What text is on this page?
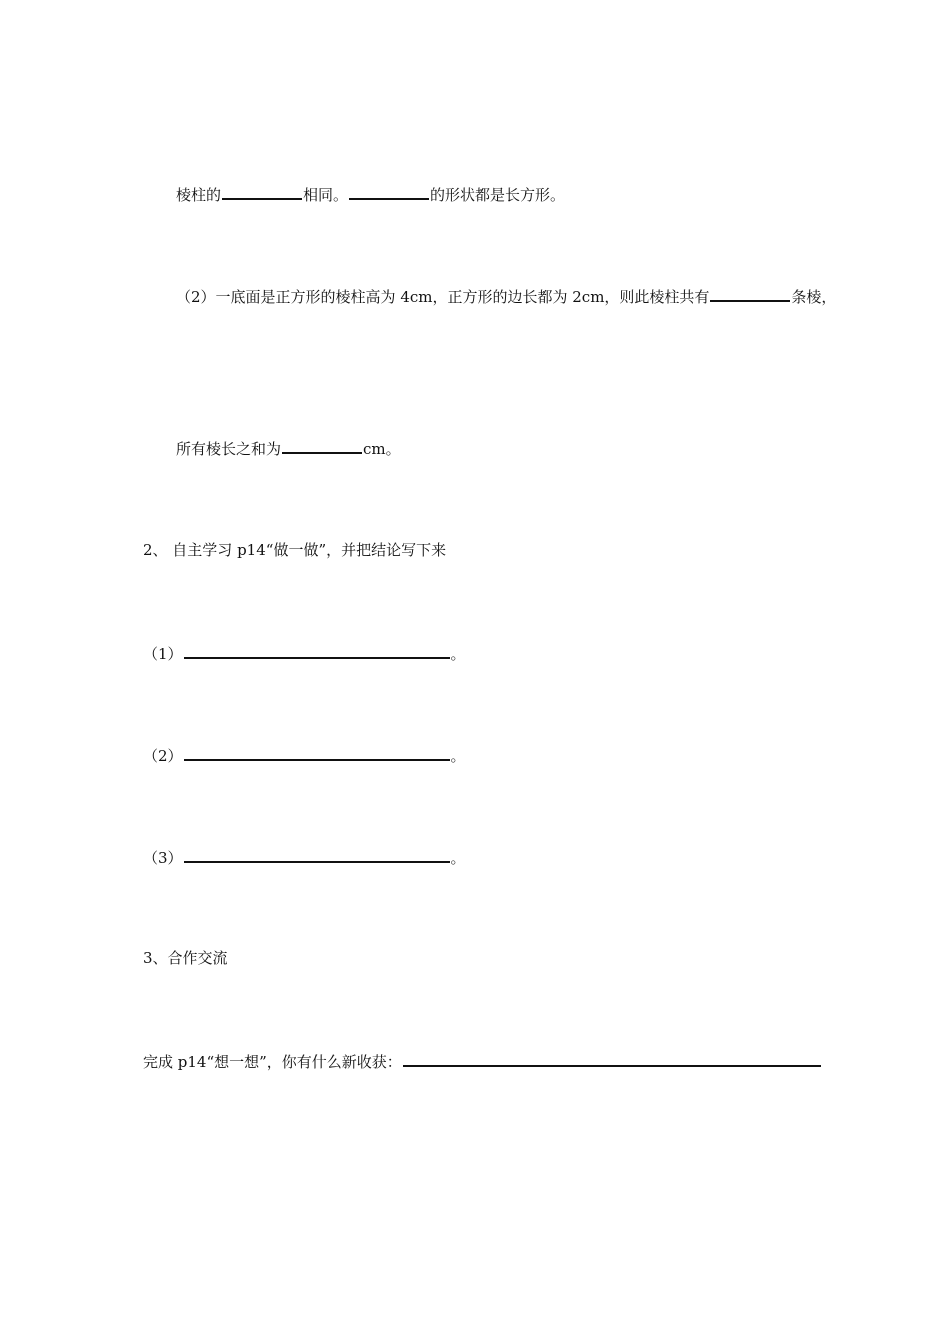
棱柱的	相同。	的形状都是长方形。
（2）一底面是正方形的棱柱高为 4cm，正方形的边长都为 2cm，则此棱柱共有	条棱，
所有棱长之和为	cm。
2、 自主学习 p14“做一做”，并把结论写下来
（1）	。
（2）	。
（3）	。
3、合作交流
完成 p14“想一想”，你有什么新收获：
